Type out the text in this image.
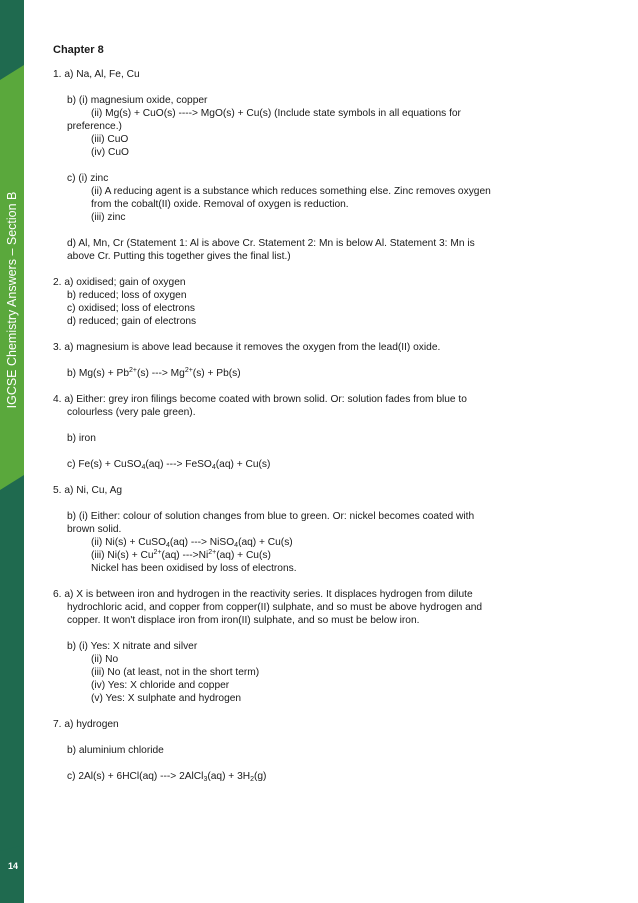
IGCSE Chemistry Answers – Section B
14
Chapter 8
1. a) Na, Al, Fe, Cu
b) (i) magnesium oxide, copper
(ii) Mg(s) + CuO(s) ----> MgO(s) + Cu(s) (Include state symbols in all equations for
preference.)
(iii) CuO
(iv) CuO
c) (i) zinc
(ii) A reducing agent is a substance which reduces something else. Zinc removes oxygen
from the cobalt(II) oxide. Removal of oxygen is reduction.
(iii) zinc
d) Al, Mn, Cr (Statement 1: Al is above Cr. Statement 2: Mn is below Al. Statement 3: Mn is
above Cr. Putting this together gives the final list.)
2. a) oxidised; gain of oxygen
b) reduced; loss of oxygen
c) oxidised; loss of electrons
d) reduced; gain of electrons
3. a) magnesium is above lead because it removes the oxygen from the lead(II) oxide.
b) $Mg(s) + Pb^{2+}(s)$ ---> $Mg^{2+}(s) + Pb(s)$
4. a) Either: grey iron filings become coated with brown solid. Or: solution fades from blue to
colourless (very pale green).
b) iron
c) Fe(s) + CuSO$_4$(aq) ---> FeSO$_4$(aq) + Cu(s)
5. a) Ni, Cu, Ag
b) (i) Either: colour of solution changes from blue to green. Or: nickel becomes coated with
brown solid.
(ii) Ni(s) + CuSO$_4$(aq) ---> NiSO$_4$(aq) + Cu(s)
(iii) $Ni(s) + Cu^{2+}(aq) --->Ni^{2+}(aq) + Cu(s)$
Nickel has been oxidised by loss of electrons.
6. a) X is between iron and hydrogen in the reactivity series. It displaces hydrogen from dilute
hydrochloric acid, and copper from copper(II) sulphate, and so must be above hydrogen and
copper. It won't displace iron from iron(II) sulphate, and so must be below iron.
b) (i) Yes: X nitrate and silver
(ii) No
(iii) No (at least, not in the short term)
(iv) Yes: X chloride and copper
(v) Yes: X sulphate and hydrogen
7. a) hydrogen
b) aluminium chloride
c) 2Al(s) + 6HCl(aq) ---> 2AlCl$_3$(aq) + $3H_2(g)$
